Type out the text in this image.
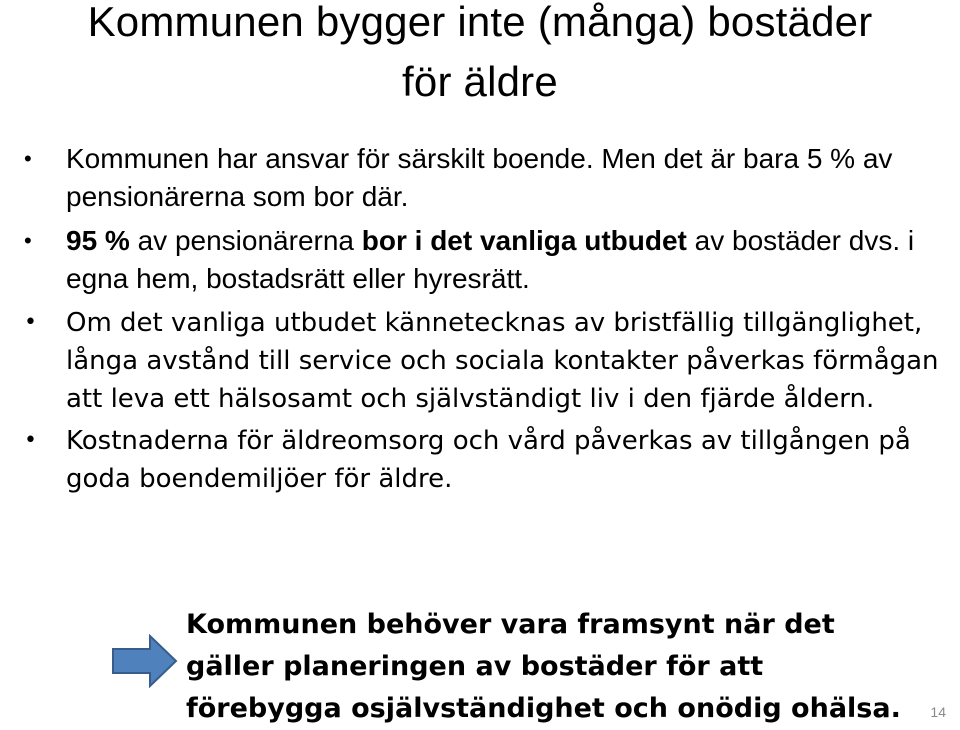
Kommunen bygger inte (många) bostäder
för äldre
• Kommunen har ansvar för särskilt boende. Men det är bara 5 % av pensionärerna som bor där.
• 95 % av pensionärerna bor i det vanliga utbudet av bostäder dvs. i egna hem, bostadsrätt eller hyresrätt.
• Om det vanliga utbudet kännetecknas av bristfällig tillgänglighet, långa avstånd till service och sociala kontakter påverkas förmågan att leva ett hälsosamt och självständigt liv i den fjärde åldern.
• Kostnaderna för äldreomsorg och vård påverkas av tillgången på goda boendemiljöer för äldre.
Kommunen behöver vara framsynt när det gäller planeringen av bostäder för att förebygga osjälvständighet och onödig ohälsa.	14
